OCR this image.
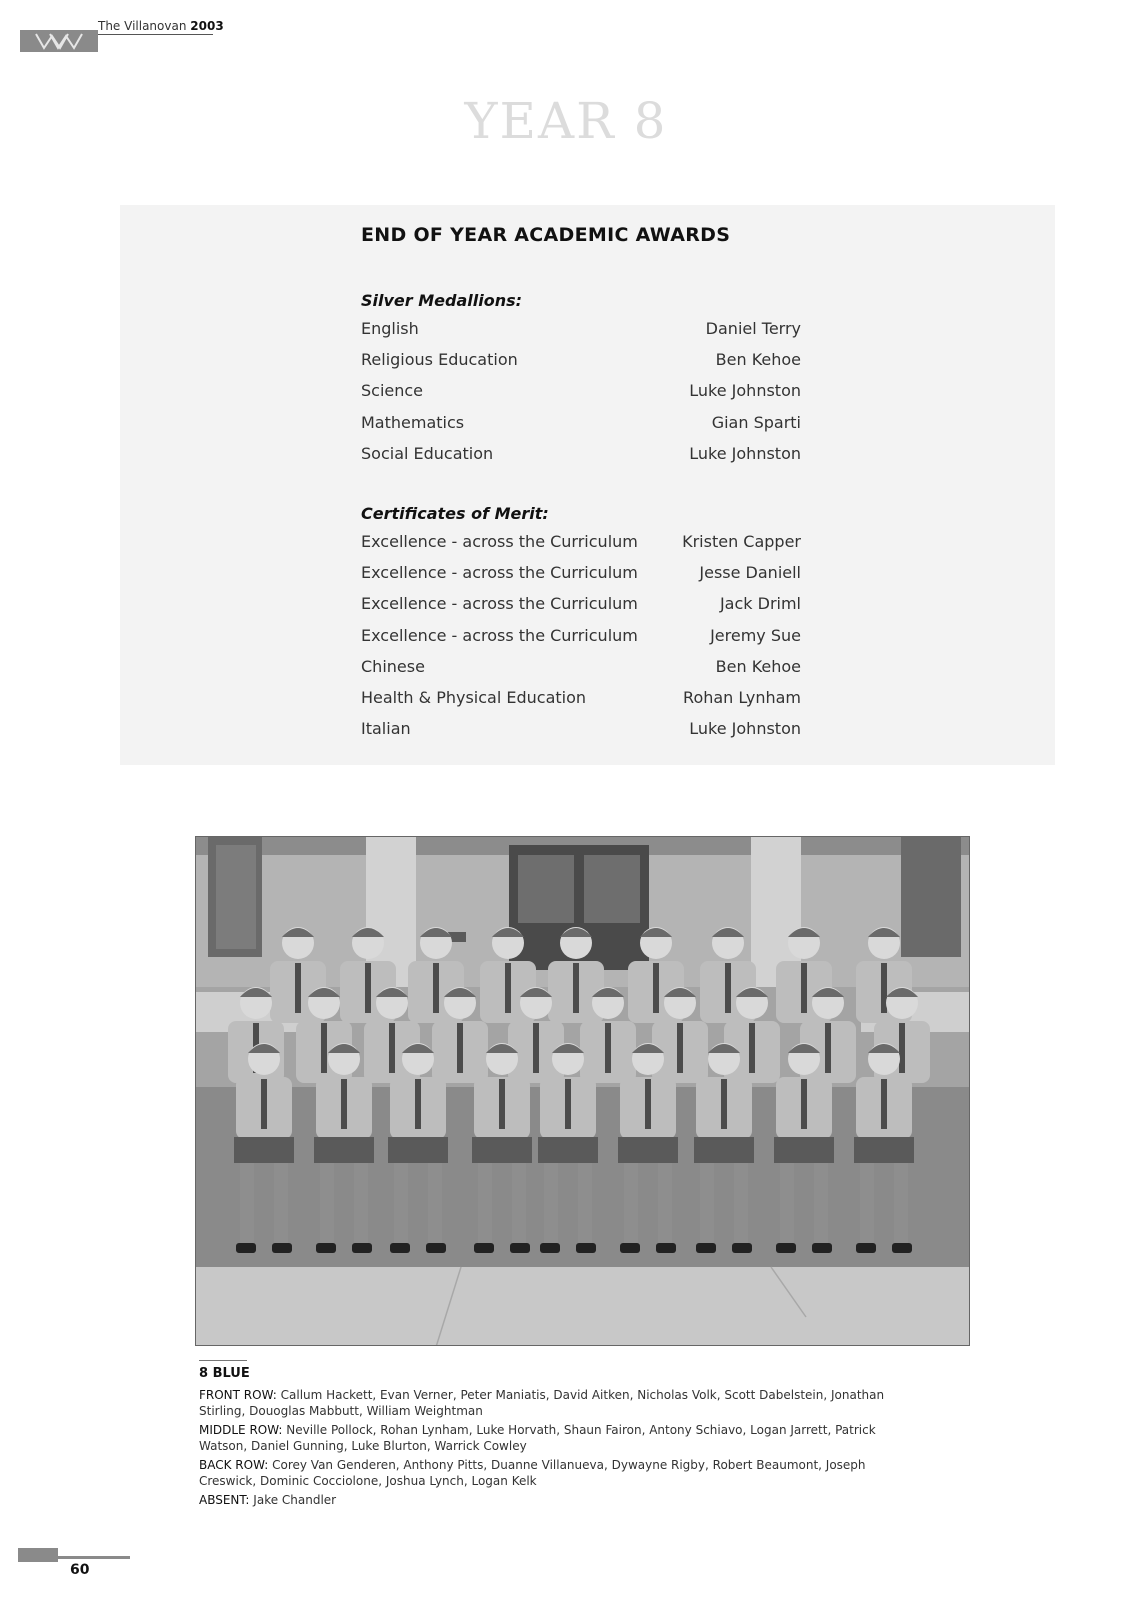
The Villanovan 2003
YEAR 8
END OF YEAR ACADEMIC AWARDS
Silver Medallions:
English	Daniel Terry
Religious Education	Ben Kehoe
Science	Luke Johnston
Mathematics	Gian Sparti
Social Education	Luke Johnston
Certificates of Merit:
Excellence - across the Curriculum	Kristen Capper
Excellence - across the Curriculum	Jesse Daniell
Excellence - across the Curriculum	Jack Driml
Excellence - across the Curriculum	Jeremy Sue
Chinese	Ben Kehoe
Health & Physical Education	Rohan Lynham
Italian	Luke Johnston
8 BLUE

FRONT ROW: Callum Hackett, Evan Verner, Peter Maniatis, David Aitken, Nicholas Volk, Scott Dabelstein, Jonathan Stirling, Douoglas Mabbutt, William Weightman

MIDDLE ROW: Neville Pollock, Rohan Lynham, Luke Horvath, Shaun Fairon, Antony Schiavo, Logan Jarrett, Patrick Watson, Daniel Gunning, Luke Blurton, Warrick Cowley

BACK ROW: Corey Van Genderen, Anthony Pitts, Duanne Villanueva, Dywayne Rigby, Robert Beaumont, Joseph Creswick, Dominic Cocciolone, Joshua Lynch, Logan Kelk

ABSENT: Jake Chandler

60
